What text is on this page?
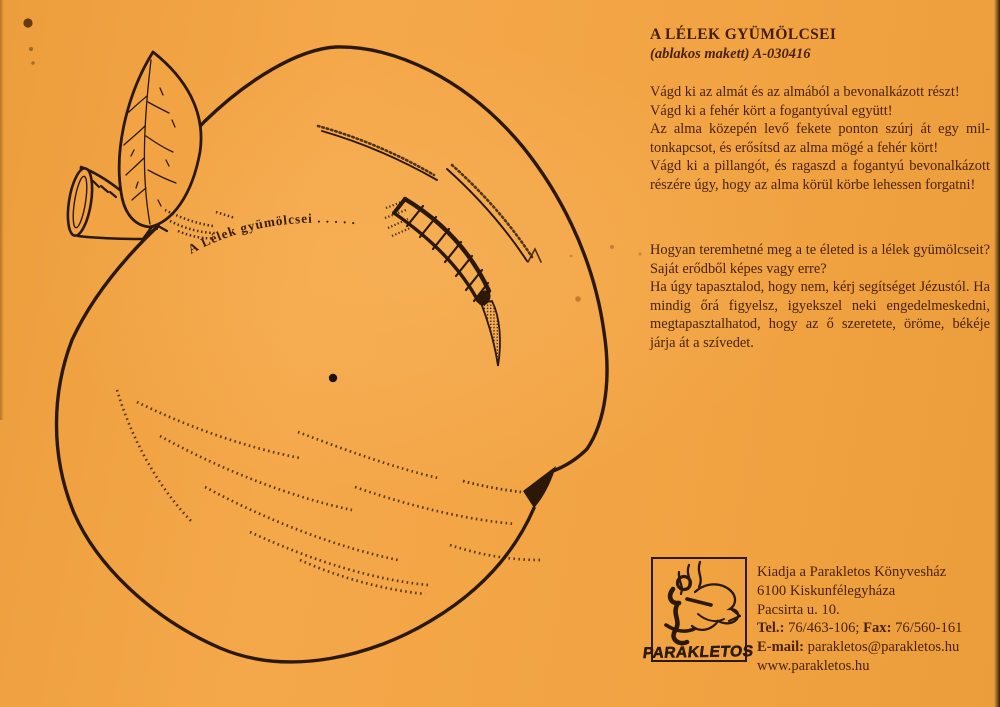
A Lélek gyümölcsei . . . . .
A LÉLEK GYÜMÖLCSEI
(ablakos makett) A-030416

Vágd ki az almát és az almából a bevonalkázott részt!

Vágd ki a fehér kört a fogantyúval együtt!

Az alma közepén levő fekete ponton szúrj át egy miltonkapcsot, és erősítsd az alma mögé a fehér kört!

Vágd ki a pillangót, és ragaszd a fogantyú bevonalkázott részére úgy, hogy az alma körül körbe lehessen forgatni!

Hogyan teremhetné meg a te életed is a lélek gyümölcseit? Saját erődből képes vagy erre?

Ha úgy tapasztalod, hogy nem, kérj segítséget Jézustól. Ha mindig őrá figyelsz, igyekszel neki engedelmeskedni, megtapasztalhatod, hogy az ő szeretete, öröme, békéje járja át a szívedet.

PARAKLETOS

Kiadja a Parakletos Könyvesház

6100 Kiskunfélegyháza

Pacsirta u. 10.

Tel.: 76/463-106; Fax: 76/560-161

E-mail: parakletos@parakletos.hu

www.parakletos.hu
